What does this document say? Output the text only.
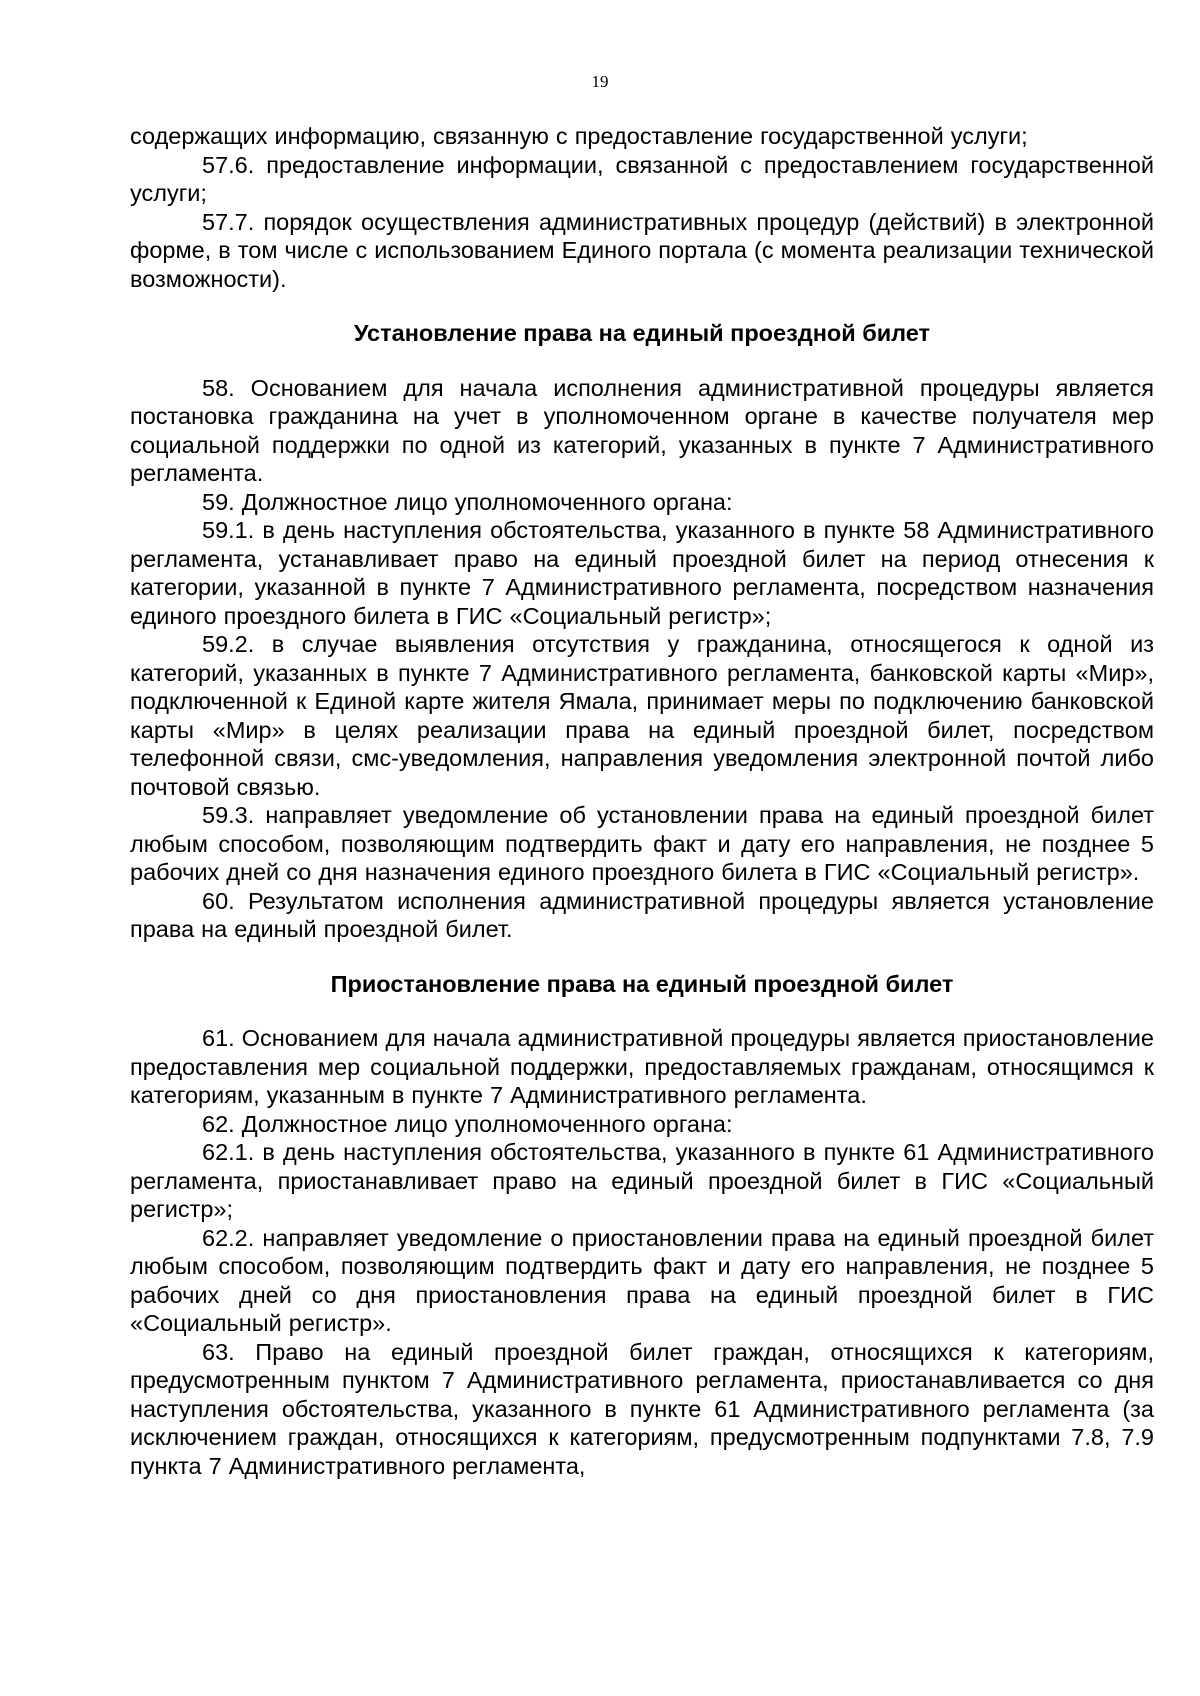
19

содержащих информацию, связанную с предоставление государственной услуги;

57.6. предоставление информации, связанной с предоставлением государственной услуги;

57.7. порядок осуществления административных процедур (действий) в электронной форме, в том числе с использованием Единого портала (с момента реализации технической возможности).

Установление права на единый проездной билет

58. Основанием для начала исполнения административной процедуры является постановка гражданина на учет в уполномоченном органе в качестве получателя мер социальной поддержки по одной из категорий, указанных в пункте 7 Административного регламента.

59. Должностное лицо уполномоченного органа:

59.1. в день наступления обстоятельства, указанного в пункте 58 Административного регламента, устанавливает право на единый проездной билет на период отнесения к категории, указанной в пункте 7 Административного регламента, посредством назначения единого проездного билета в ГИС «Социальный регистр»;

59.2. в случае выявления отсутствия у гражданина, относящегося к одной из категорий, указанных в пункте 7 Административного регламента, банковской карты «Мир», подключенной к Единой карте жителя Ямала, принимает меры по подключению банковской карты «Мир» в целях реализации права на единый проездной билет, посредством телефонной связи, смс-уведомления, направления уведомления электронной почтой либо почтовой связью.

59.3. направляет уведомление об установлении права на единый проездной билет любым способом, позволяющим подтвердить факт и дату его направления, не позднее 5 рабочих дней со дня назначения единого проездного билета в ГИС «Социальный регистр».

60. Результатом исполнения административной процедуры является установление права на единый проездной билет.

Приостановление права на единый проездной билет

61. Основанием для начала административной процедуры является приостановление предоставления мер социальной поддержки, предоставляемых гражданам, относящимся к категориям, указанным в пункте 7 Административного регламента.

62. Должностное лицо уполномоченного органа:

62.1. в день наступления обстоятельства, указанного в пункте 61 Административного регламента, приостанавливает право на единый проездной билет в ГИС «Социальный регистр»;

62.2. направляет уведомление о приостановлении права на единый проездной билет любым способом, позволяющим подтвердить факт и дату его направления, не позднее 5 рабочих дней со дня приостановления права на единый проездной билет в ГИС «Социальный регистр».

63. Право на единый проездной билет граждан, относящихся к категориям, предусмотренным пунктом 7 Административного регламента, приостанавливается со дня наступления обстоятельства, указанного в пункте 61 Административного регламента (за исключением граждан, относящихся к категориям, предусмотренным подпунктами 7.8, 7.9 пункта 7 Административного регламента,
